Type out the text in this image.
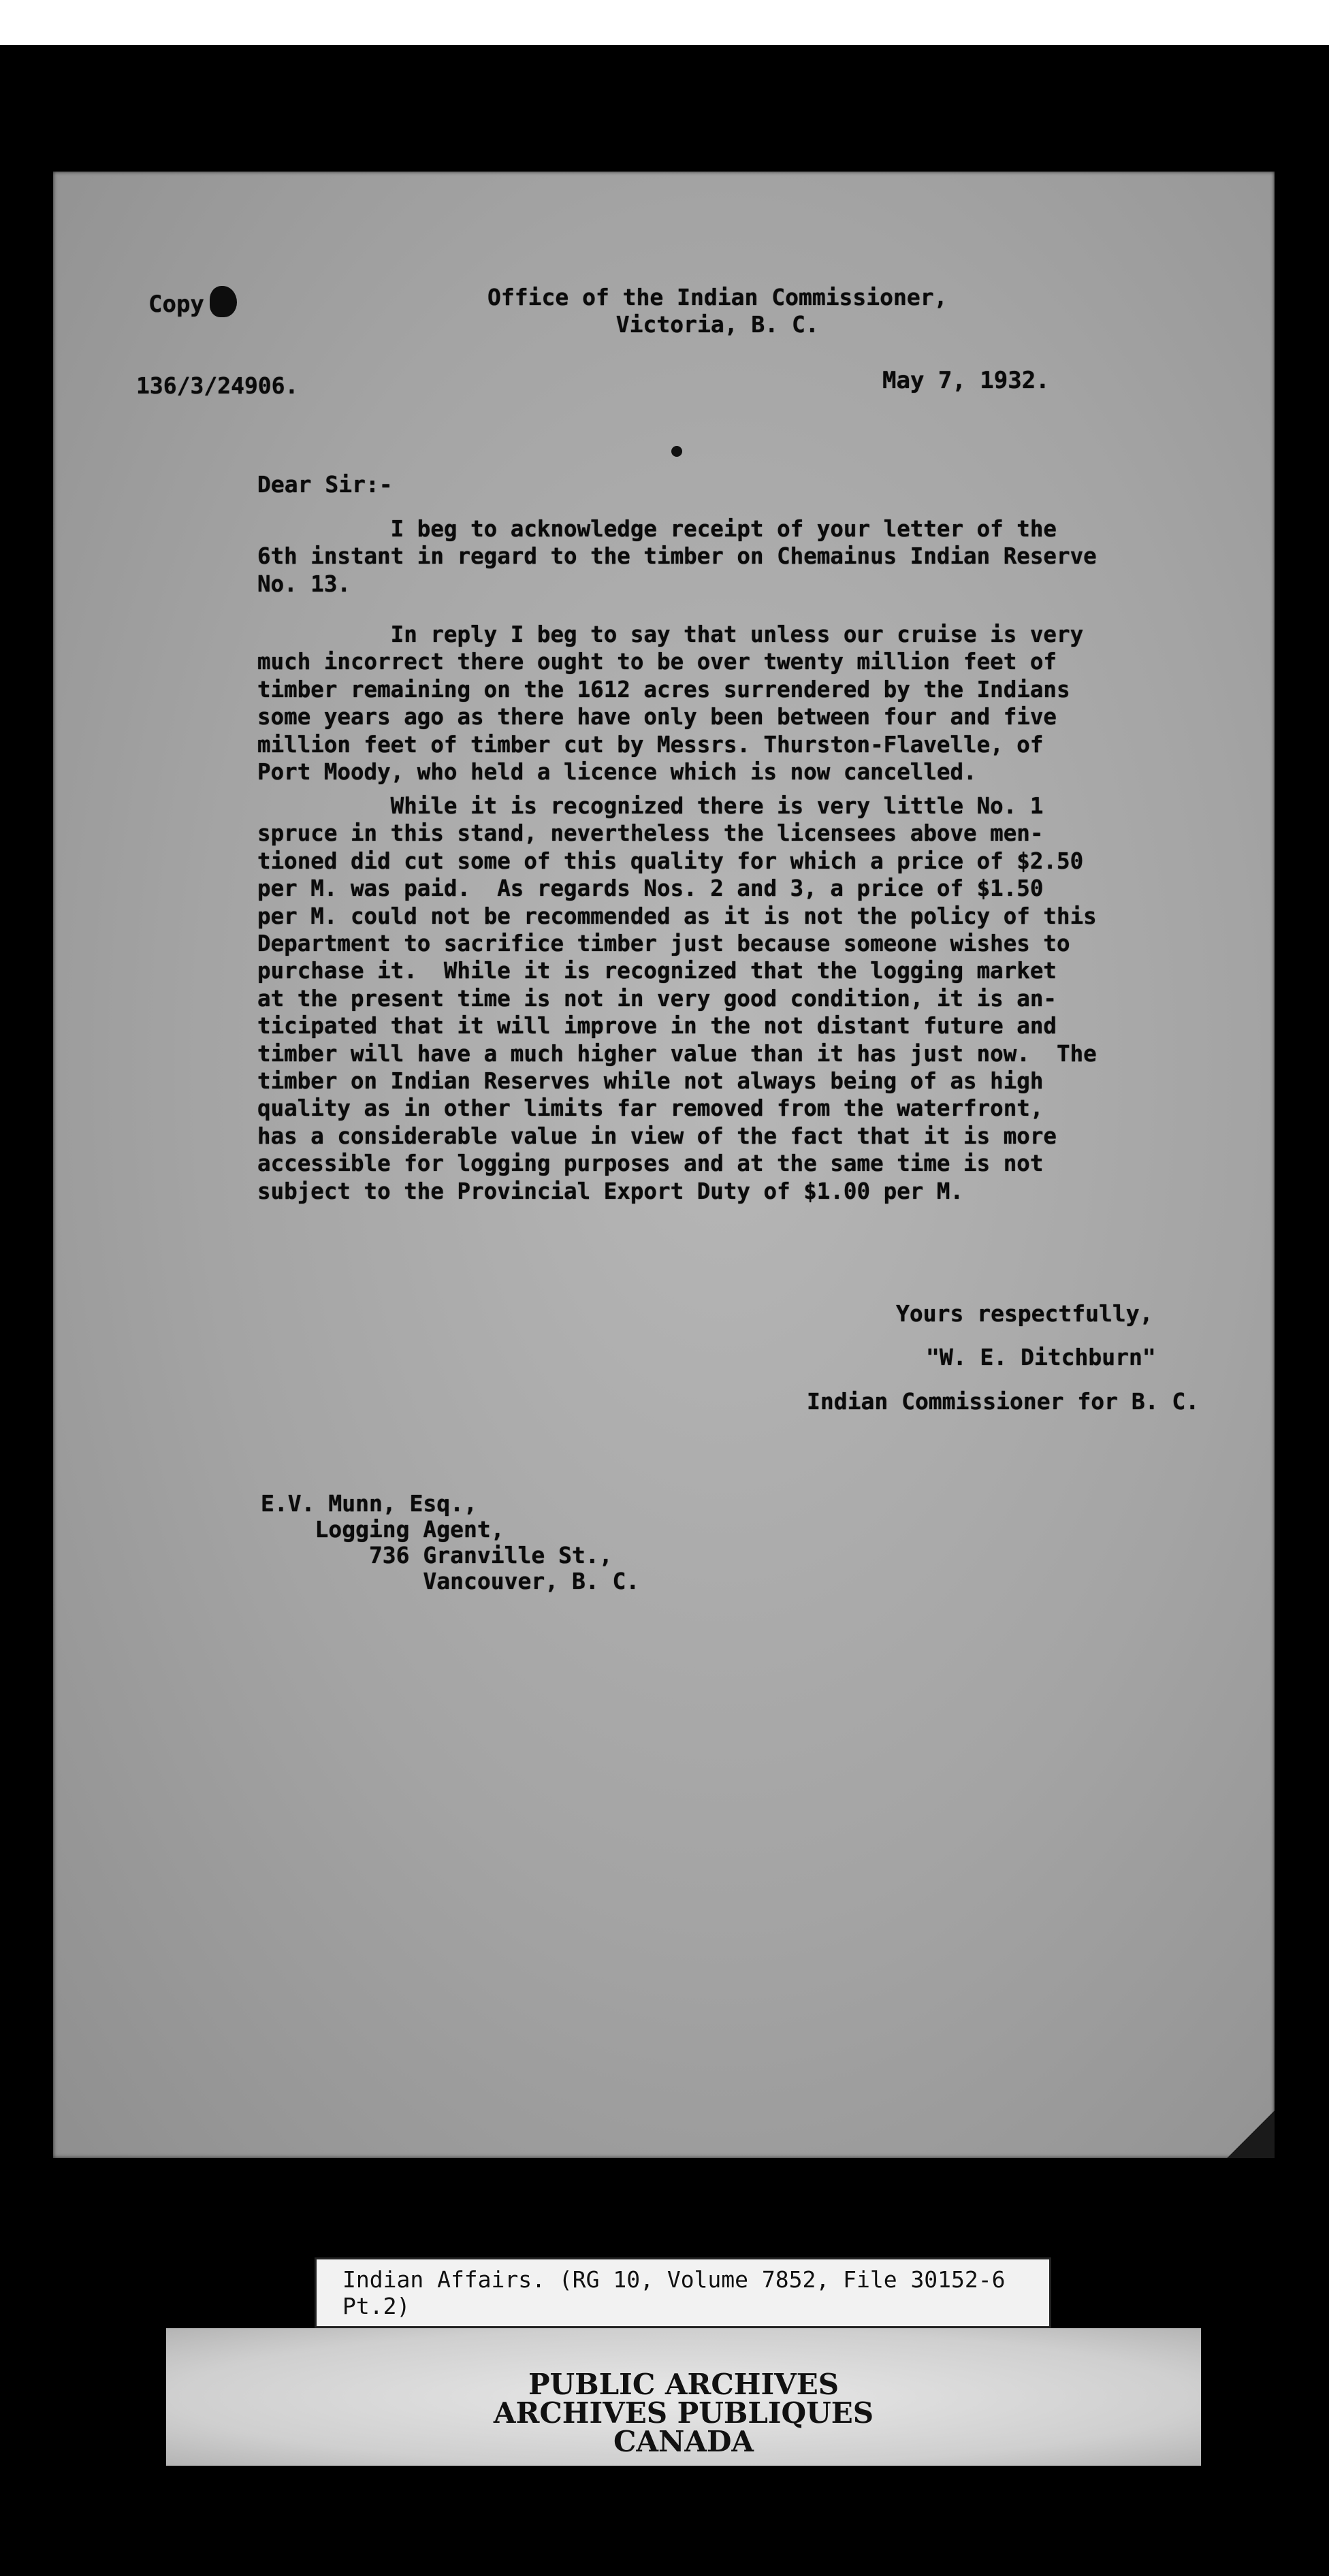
Copy	Office of the Indian Commissioner,
Victoria, B. C.
136/3/24906.	May 7, 1932.
Dear Sir:-
I beg to acknowledge receipt of your letter of the
6th instant in regard to the timber on Chemainus Indian Reserve
No. 13.
In reply I beg to say that unless our cruise is very
much incorrect there ought to be over twenty million feet of
timber remaining on the 1612 acres surrendered by the Indians
some years ago as there have only been between four and five
million feet of timber cut by Messrs. Thurston-Flavelle, of
Port Moody, who held a licence which is now cancelled.
While it is recognized there is very little No. 1
spruce in this stand, nevertheless the licensees above men-
tioned did cut some of this quality for which a price of $2.50
per M. was paid.  As regards Nos. 2 and 3, a price of $1.50
per M. could not be recommended as it is not the policy of this
Department to sacrifice timber just because someone wishes to
purchase it.  While it is recognized that the logging market
at the present time is not in very good condition, it is an-
ticipated that it will improve in the not distant future and
timber will have a much higher value than it has just now.  The
timber on Indian Reserves while not always being of as high
quality as in other limits far removed from the waterfront,
has a considerable value in view of the fact that it is more
accessible for logging purposes and at the same time is not
subject to the Provincial Export Duty of $1.00 per M.
Yours respectfully,
"W. E. Ditchburn"
Indian Commissioner for B. C.
E.V. Munn, Esq.,
Logging Agent,
736 Granville St.,
Vancouver, B. C.
Indian Affairs. (RG 10, Volume 7852, File 30152-6 Pt.2)
PUBLIC ARCHIVES
ARCHIVES PUBLIQUES
CANADA
